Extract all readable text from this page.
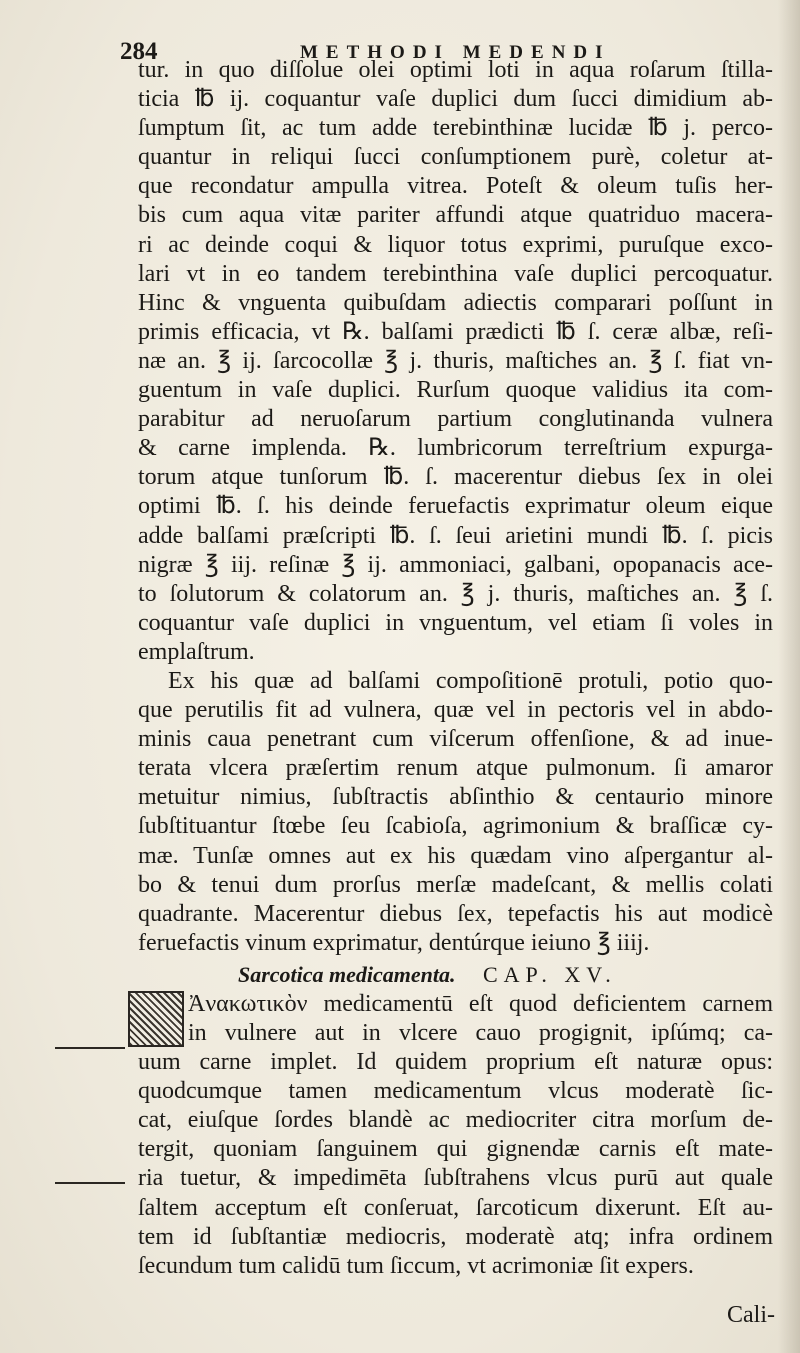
284	METHODI MEDENDI
tur. in quo diſſolue olei optimi loti in aqua roſarum ſtilla-
ticia ℔ ij. coquantur vaſe duplici dum ſucci dimidium ab-
ſumptum ſit, ac tum adde terebinthinæ lucidæ ℔ j. perco-
quantur in reliqui ſucci conſumptionem purè, coletur at-
que recondatur ampulla vitrea. Poteſt & oleum tuſis her-
bis cum aqua vitæ pariter affundi atque quatriduo macera-
ri ac deinde coqui & liquor totus exprimi, puruſque exco-
lari vt in eo tandem terebinthina vaſe duplici percoquatur.
Hinc & vnguenta quibuſdam adiectis comparari poſſunt in
primis efficacia, vt ℞. balſami prædicti ℔ ſ. ceræ albæ, reſi-
næ an. ℥ ij. ſarcocollæ ℥ j. thuris, maſtiches an. ℥ ſ. fiat vn-
guentum in vaſe duplici. Rurſum quoque validius ita com-
parabitur ad neruoſarum partium conglutinanda vulnera
& carne implenda. ℞. lumbricorum terreſtrium expurga-
torum atque tunſorum ℔. ſ. macerentur diebus ſex in olei
optimi ℔. ſ. his deinde feruefactis exprimatur oleum eique
adde balſami præſcripti ℔. ſ. ſeui arietini mundi ℔. ſ. picis
nigræ ℥ iij. reſinæ ℥ ij. ammoniaci, galbani, opopanacis ace-
to ſolutorum & colatorum an. ℥ j. thuris, maſtiches an. ℥ ſ.
coquantur vaſe duplici in vnguentum, vel etiam ſi voles in
emplaſtrum.
Ex his quæ ad balſami compoſitionē protuli, potio quo-
que perutilis fit ad vulnera, quæ vel in pectoris vel in abdo-
minis caua penetrant cum viſcerum offenſione, & ad inue-
terata vlcera præſertim renum atque pulmonum. ſi amaror
metuitur nimius, ſubſtractis abſinthio & centaurio minore
ſubſtituantur ſtœbe ſeu ſcabioſa, agrimonium & braſſicæ cy-
mæ. Tunſæ omnes aut ex his quædam vino aſpergantur al-
bo & tenui dum prorſus merſæ madeſcant, & mellis colati
quadrante. Macerentur diebus ſex, tepefactis his aut modicè
feruefactis vinum exprimatur, dentúrque ieiuno ℥ iiij.
Sarcotica medicamenta. CAP. XV.
Ἀνακωτικὸν medicamentū eſt quod deficientem carnem
in vulnere aut in vlcere cauo progignit, ipſúmq; ca-
uum carne implet. Id quidem proprium eſt naturæ opus:
quodcumque tamen medicamentum vlcus moderatè ſic-
cat, eiuſque ſordes blandè ac mediocriter citra morſum de-
tergit, quoniam ſanguinem qui gignendæ carnis eſt mate-
ria tuetur, & impedimēta ſubſtrahens vlcus purū aut quale
ſaltem acceptum eſt conſeruat, ſarcoticum dixerunt. Eſt au-
tem id ſubſtantiæ mediocris, moderatè atq; infra ordinem
ſecundum tum calidū tum ſiccum, vt acrimoniæ ſit expers.
Cali-
